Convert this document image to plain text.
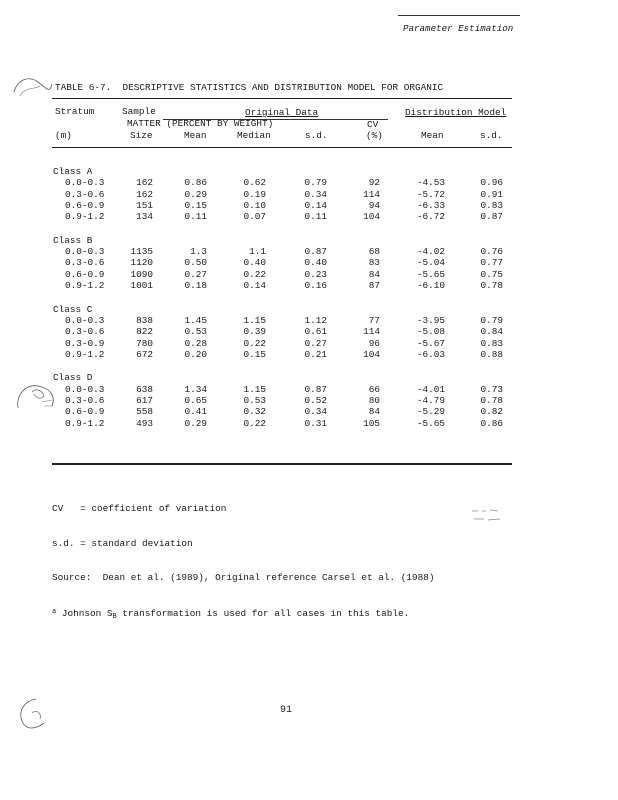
Parameter Estimation

TABLE 6-7.  DESCRIPTIVE STATISTICS AND DISTRIBUTION MODEL FOR ORGANIC

MATTER (PERCENT BY WEIGHT)

Stratum	Sample	Original Data	Distribution Model
CV
(m)	Size	Mean	Median	s.d.	(%)	Mean	s.d.
Class A
0.0-0.3	162	0.86	0.62	0.79	92	-4.53	0.96
0.3-0.6	162	0.29	0.19	0.34	114	-5.72	0.91
0.6-0.9	151	0.15	0.10	0.14	94	-6.33	0.83
0.9-1.2	134	0.11	0.07	0.11	104	-6.72	0.87
Class B
0.0-0.3	1135	1.3	1.1	0.87	68	-4.02	0.76
0.3-0.6	1120	0.50	0.40	0.40	83	-5.04	0.77
0.6-0.9	1090	0.27	0.22	0.23	84	-5.65	0.75
0.9-1.2	1001	0.18	0.14	0.16	87	-6.10	0.78
Class C
0.0-0.3	838	1.45	1.15	1.12	77	-3.95	0.79
0.3-0.6	822	0.53	0.39	0.61	114	-5.08	0.84
0.3-0.9	780	0.28	0.22	0.27	96	-5.67	0.83
0.9-1.2	672	0.20	0.15	0.21	104	-6.03	0.88
Class D
0.0-0.3	638	1.34	1.15	0.87	66	-4.01	0.73
0.3-0.6	617	0.65	0.53	0.52	80	-4.79	0.78
0.6-0.9	558	0.41	0.32	0.34	84	-5.29	0.82
0.9-1.2	493	0.29	0.22	0.31	105	-5.65	0.86

CV   = coefficient of variation

s.d. = standard deviation

Source:  Dean et al. (1989), Original reference Carsel et al. (1988)

$^a$ Johnson $S_B$ transformation is used for all cases in this table.

91
